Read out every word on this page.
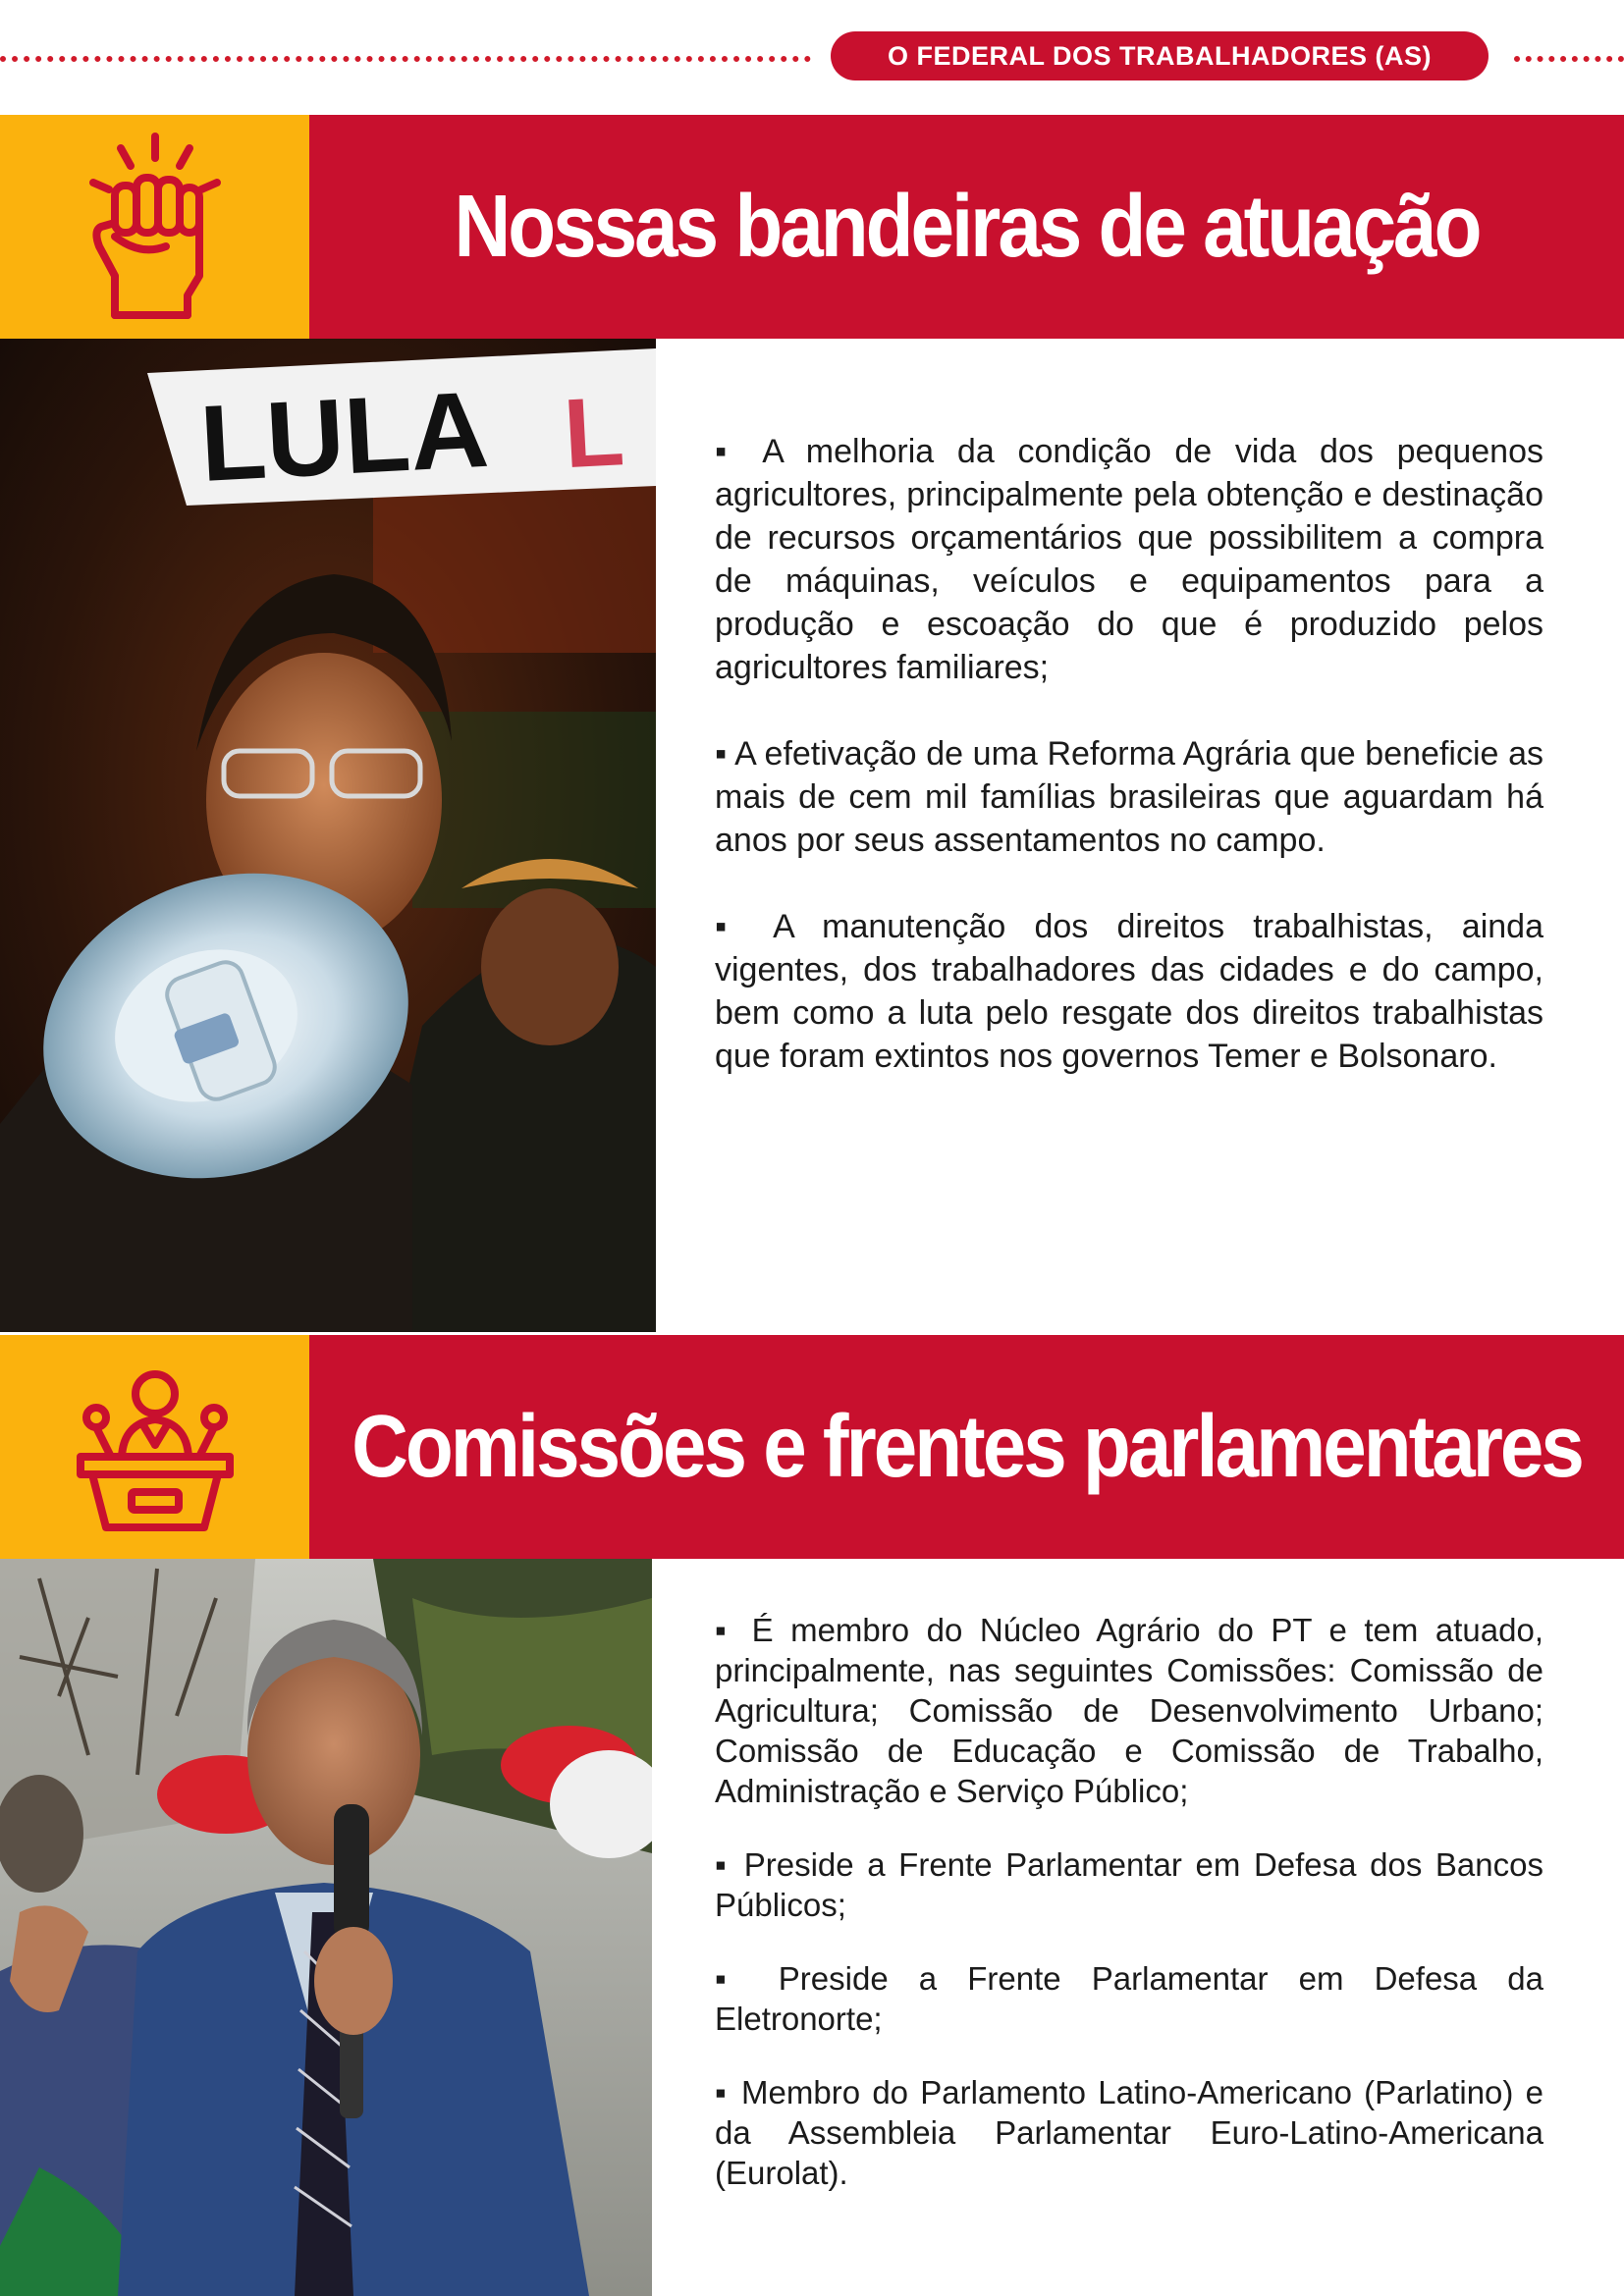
O FEDERAL DOS TRABALHADORES (AS)
Nossas bandeiras de atuação
LULA L	▪ A melhoria da condição de vida dos pequenos agricultores, principalmente pela obtenção e destinação de recursos orçamentários que possibilitem a compra de máquinas, veículos e equipamentos para a produção e escoação do que é produzido pelos agricultores familiares;

▪ A efetivação de uma Reforma Agrária que beneficie as mais de cem mil famílias brasileiras que aguardam há anos por seus assentamentos no campo.

▪ A manutenção dos direitos trabalhistas, ainda vigentes, dos trabalhadores das cidades e do campo, bem como a luta pelo resgate dos direitos trabalhistas que foram extintos nos governos Temer e Bolsonaro.

Comissões e frentes parlamentares

▪ É membro do Núcleo Agrário do PT e tem atuado, principalmente, nas seguintes Comissões: Comissão de Agricultura; Comissão de Desenvolvimento Urbano; Comissão de Educação e Comissão de Trabalho, Administração e Serviço Público;

▪ Preside a Frente Parlamentar em Defesa dos Bancos Públicos;

▪ Preside a Frente Parlamentar em Defesa da Eletronorte;

▪ Membro do Parlamento Latino-Americano (Parlatino) e da Assembleia Parlamentar Euro-Latino-Americana (Eurolat).
